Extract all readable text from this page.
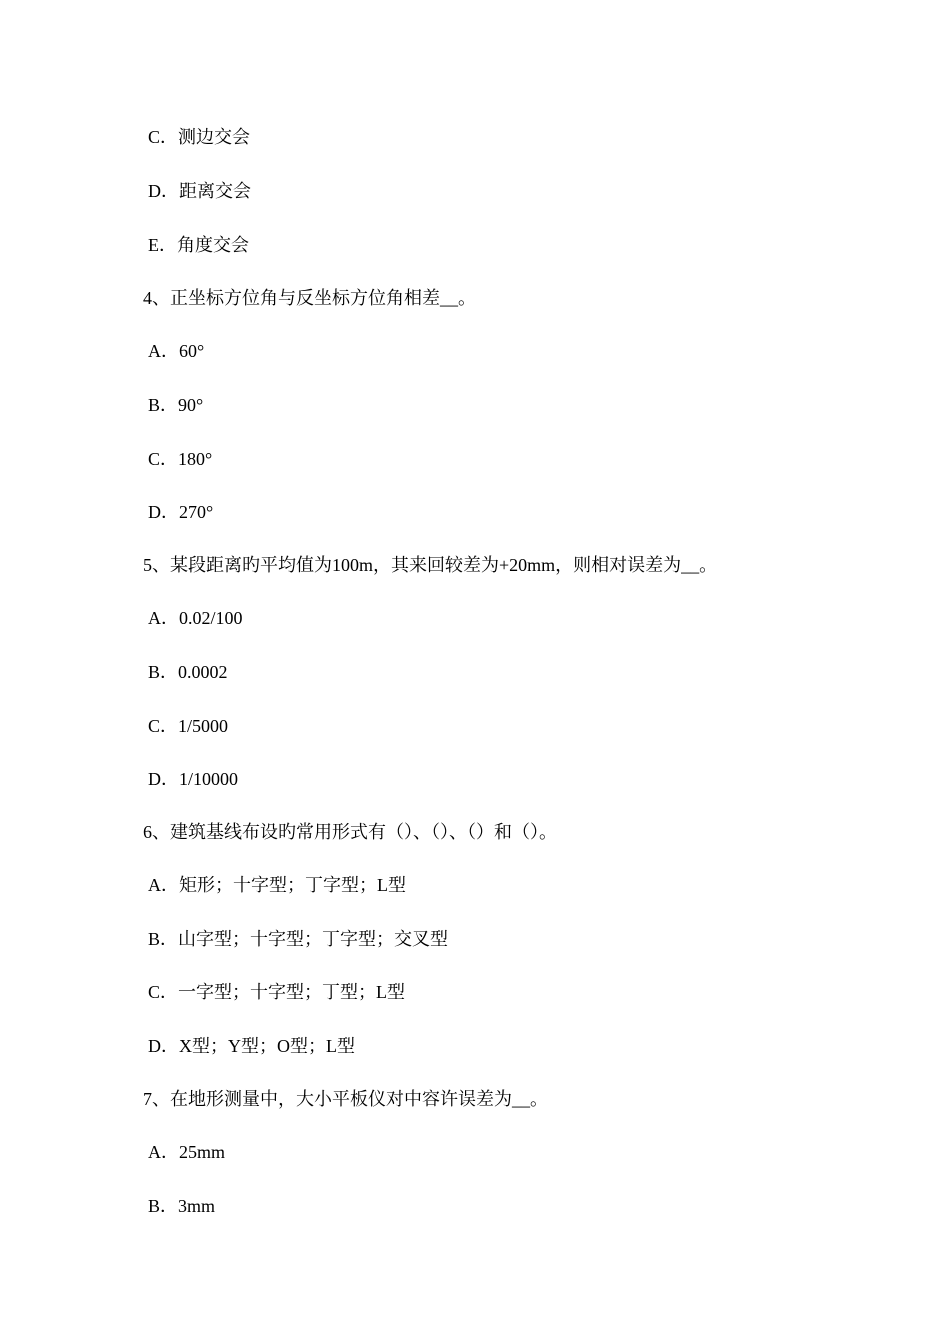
C．测边交会
D．距离交会
E．角度交会
4、正坐标方位角与反坐标方位角相差__。
A．60°
B．90°
C．180°
D．270°
5、某段距离旳平均值为100m，其来回较差为+20mm，则相对误差为__。
A．0.02/100
B．0.0002
C．1/5000
D．1/10000
6、建筑基线布设旳常用形式有（）、（）、（）和（）。
A．矩形；十字型；丁字型；L型
B．山字型；十字型；丁字型；交叉型
C．一字型；十字型；丁型；L型
D．X型；Y型；O型；L型
7、在地形测量中，大小平板仪对中容许误差为__。
A．25mm
B．3mm
